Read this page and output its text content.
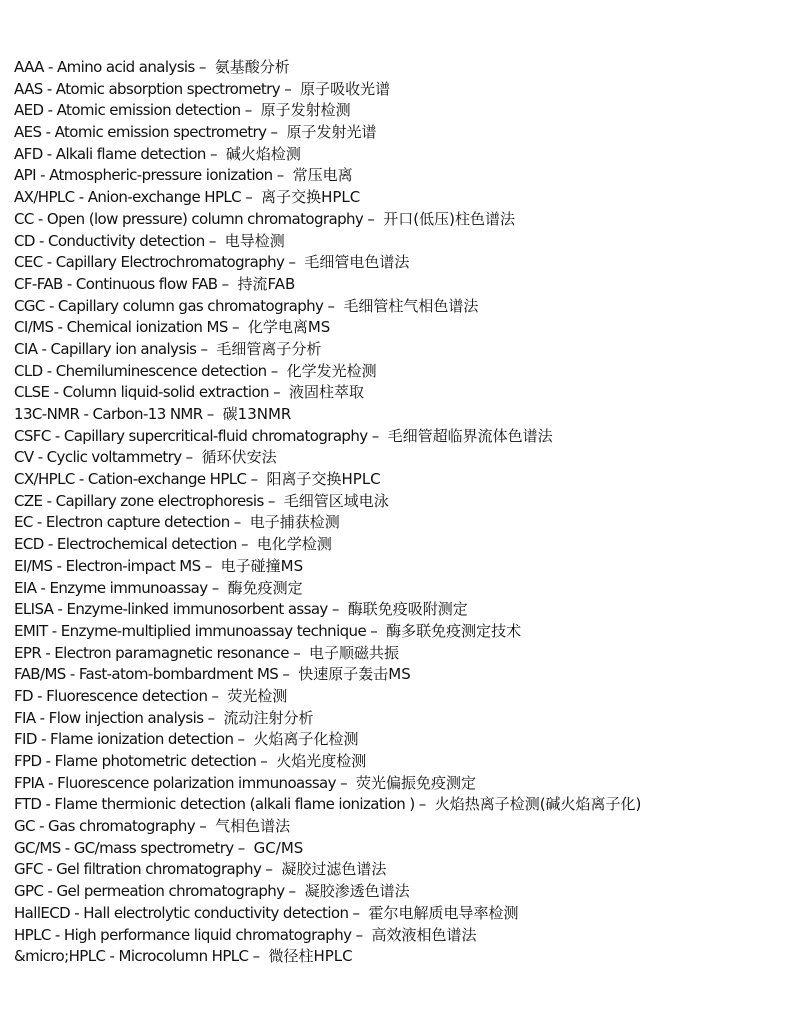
AAA - Amino acid analysis – 氨基酸分析
AAS - Atomic absorption spectrometry – 原子吸收光谱
AED - Atomic emission detection – 原子发射检测
AES - Atomic emission spectrometry – 原子发射光谱
AFD - Alkali flame detection – 碱火焰检测
API - Atmospheric-pressure ionization – 常压电离
AX/HPLC - Anion-exchange HPLC – 离子交换HPLC
CC - Open (low pressure) column chromatography – 开口(低压)柱色谱法
CD - Conductivity detection – 电导检测
CEC - Capillary Electrochromatography – 毛细管电色谱法
CF-FAB - Continuous flow FAB – 持流FAB
CGC - Capillary column gas chromatography – 毛细管柱气相色谱法
CI/MS - Chemical ionization MS – 化学电离MS
CIA - Capillary ion analysis – 毛细管离子分析
CLD - Chemiluminescence detection – 化学发光检测
CLSE - Column liquid-solid extraction – 液固柱萃取
13C-NMR - Carbon-13 NMR – 碳13NMR
CSFC - Capillary supercritical-fluid chromatography – 毛细管超临界流体色谱法
CV - Cyclic voltammetry – 循环伏安法
CX/HPLC - Cation-exchange HPLC – 阳离子交换HPLC
CZE - Capillary zone electrophoresis – 毛细管区域电泳
EC - Electron capture detection – 电子捕获检测
ECD - Electrochemical detection – 电化学检测
EI/MS - Electron-impact MS – 电子碰撞MS
EIA - Enzyme immunoassay – 酶免疫测定
ELISA - Enzyme-linked immunosorbent assay – 酶联免疫吸附测定
EMIT - Enzyme-multiplied immunoassay technique – 酶多联免疫测定技术
EPR - Electron paramagnetic resonance – 电子顺磁共振
FAB/MS - Fast-atom-bombardment MS – 快速原子轰击MS
FD - Fluorescence detection – 荧光检测
FIA - Flow injection analysis – 流动注射分析
FID - Flame ionization detection – 火焰离子化检测
FPD - Flame photometric detection – 火焰光度检测
FPIA - Fluorescence polarization immunoassay – 荧光偏振免疫测定
FTD - Flame thermionic detection (alkali flame ionization ) – 火焰热离子检测(碱火焰离子化)
GC - Gas chromatography – 气相色谱法
GC/MS - GC/mass spectrometry – GC/MS
GFC - Gel filtration chromatography – 凝胶过滤色谱法
GPC - Gel permeation chromatography – 凝胶渗透色谱法
HallECD - Hall electrolytic conductivity detection – 霍尔电解质电导率检测
HPLC - High performance liquid chromatography – 高效液相色谱法
&micro;HPLC - Microcolumn HPLC – 微径柱HPLC
